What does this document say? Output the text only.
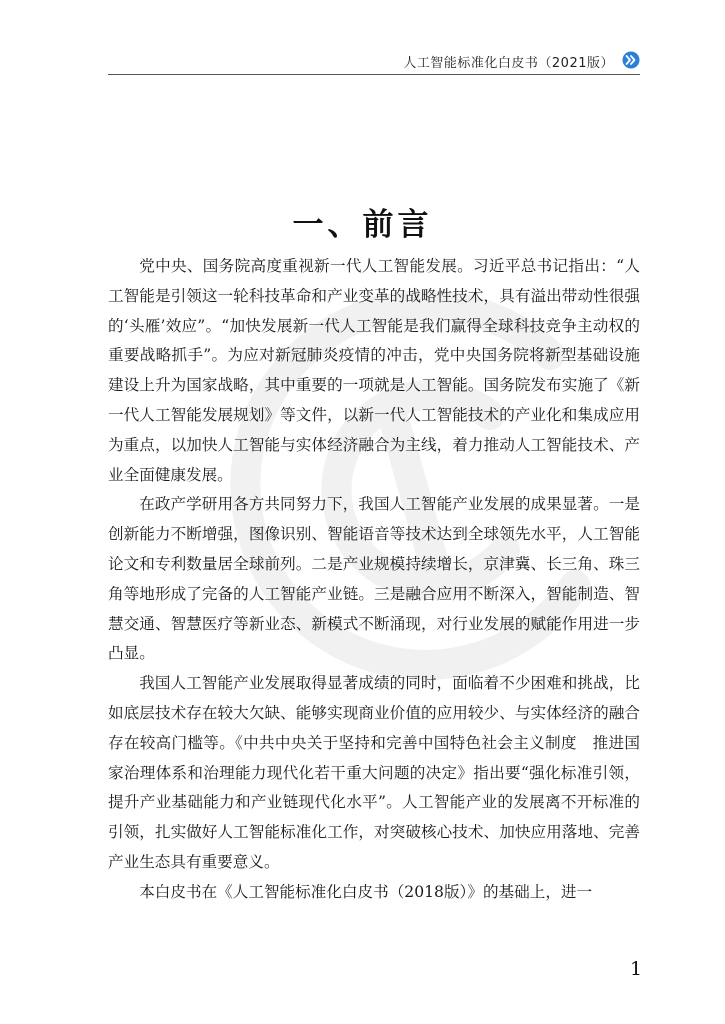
人工智能标准化白皮书（2021版）
一、前言

党中央、国务院高度重视新一代人工智能发展。习近平总书记指出：“人工智能是引领这一轮科技革命和产业变革的战略性技术，具有溢出带动性很强的‘头雁’效应”。“加快发展新一代人工智能是我们赢得全球科技竞争主动权的重要战略抓手”。为应对新冠肺炎疫情的冲击，党中央国务院将新型基础设施建设上升为国家战略，其中重要的一项就是人工智能。国务院发布实施了《新一代人工智能发展规划》等文件，以新一代人工智能技术的产业化和集成应用为重点，以加快人工智能与实体经济融合为主线，着力推动人工智能技术、产业全面健康发展。

在政产学研用各方共同努力下，我国人工智能产业发展的成果显著。一是创新能力不断增强，图像识别、智能语音等技术达到全球领先水平，人工智能论文和专利数量居全球前列。二是产业规模持续增长，京津冀、长三角、珠三角等地形成了完备的人工智能产业链。三是融合应用不断深入，智能制造、智慧交通、智慧医疗等新业态、新模式不断涌现，对行业发展的赋能作用进一步凸显。

我国人工智能产业发展取得显著成绩的同时，面临着不少困难和挑战，比如底层技术存在较大欠缺、能够实现商业价值的应用较少、与实体经济的融合存在较高门槛等。《中共中央关于坚持和完善中国特色社会主义制度　推进国家治理体系和治理能力现代化若干重大问题的决定》指出要“强化标准引领，提升产业基础能力和产业链现代化水平”。人工智能产业的发展离不开标准的引领，扎实做好人工智能标准化工作，对突破核心技术、加快应用落地、完善产业生态具有重要意义。

本白皮书在《人工智能标准化白皮书（2018版）》的基础上，进一

1
